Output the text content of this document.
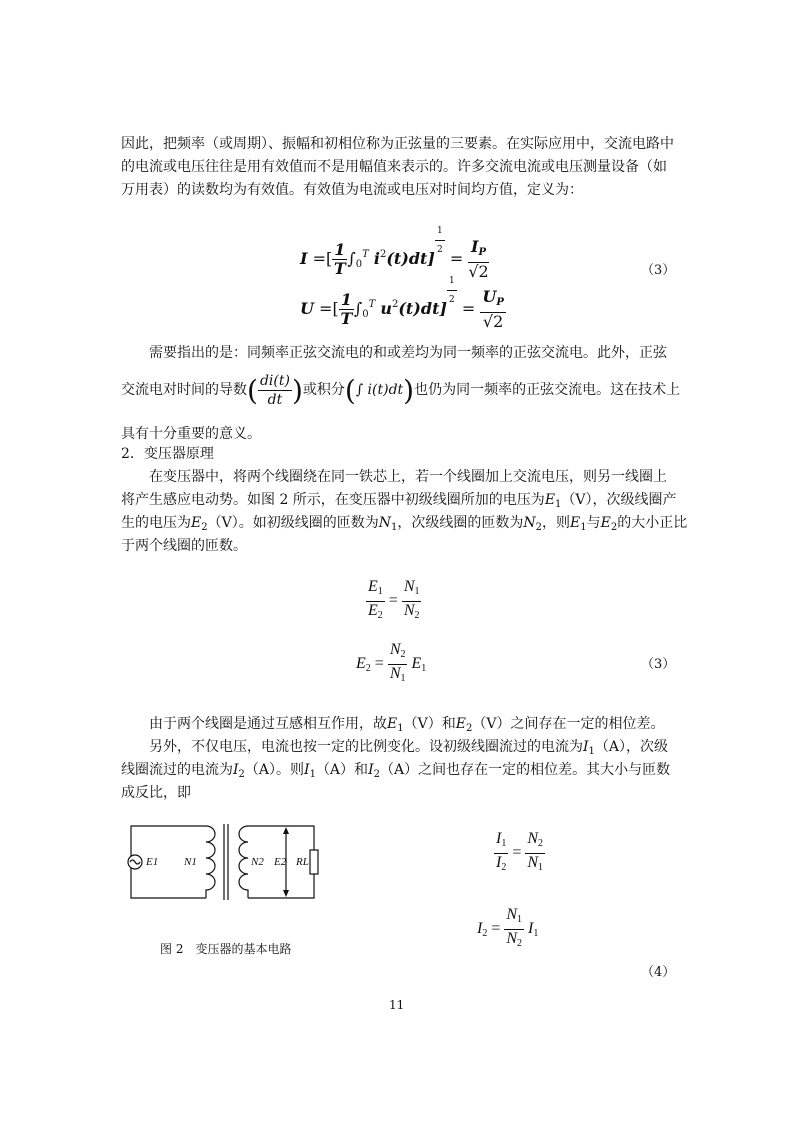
因此，把频率（或周期）、振幅和初相位称为正弦量的三要素。在实际应用中，交流电路中
的电流或电压往往是用有效值而不是用幅值来表示的。许多交流电流或电压测量设备（如
万用表）的读数均为有效值。有效值为电流或电压对时间均方值，定义为：
I =[ $\frac{1}{T} \int_0^T$ $i^2(t)dt] \frac{1}{2} = \frac{I_P}{√2}$
U =[ $\frac{1}{T} \int_0^T$ $u^2(t)dt] \frac{1}{2} = \frac{U_P}{√2}$
（3）
需要指出的是：同频率正弦交流电的和或差均为同一频率的正弦交流电。此外，正弦
交流电对时间的导数 ( $\frac{di(t)}{dt}$ ) 或积分 ( ∫ i(t)dt ) 也仍为同一频率的正弦交流电。这在技术上
具有十分重要的意义。
2．变压器原理
在变压器中，将两个线圈绕在同一铁芯上，若一个线圈加上交流电压，则另一线圈上
将产生感应电动势。如图 2 所示，在变压器中初级线圈所加的电压为$E_1(V)$，次级线圈产
生的电压为$E_2(V)$。如初级线圈的匝数为$N_1$，次级线圈的匝数为$N_2$，则$E_1$与$E_2$的大小正比
于两个线圈的匝数。
$\frac{E_1}{E_2} = \frac{N_1}{N_2}$
$E_2 = \frac{N_2}{N_1} E_1$	（3）
由于两个线圈是通过互感相互作用，故$E_1(V)$和$E_2(V)$之间存在一定的相位差。
另外，不仅电压，电流也按一定的比例变化。设初级线圈流过的电流为$I_1(A)$，次级
线圈流过的电流为$I_2(A)$。则$I_1(A)$和$I_2(A)$之间也存在一定的相位差。其大小与匝数
成反比，即
E1 N1	N2 E2 RL
图 2　变压器的基本电路
$\frac{I_1}{I_2} = \frac{N_2}{N_1}$
$I_2 = \frac{N_1}{N_2} I_1$
（4）
11
